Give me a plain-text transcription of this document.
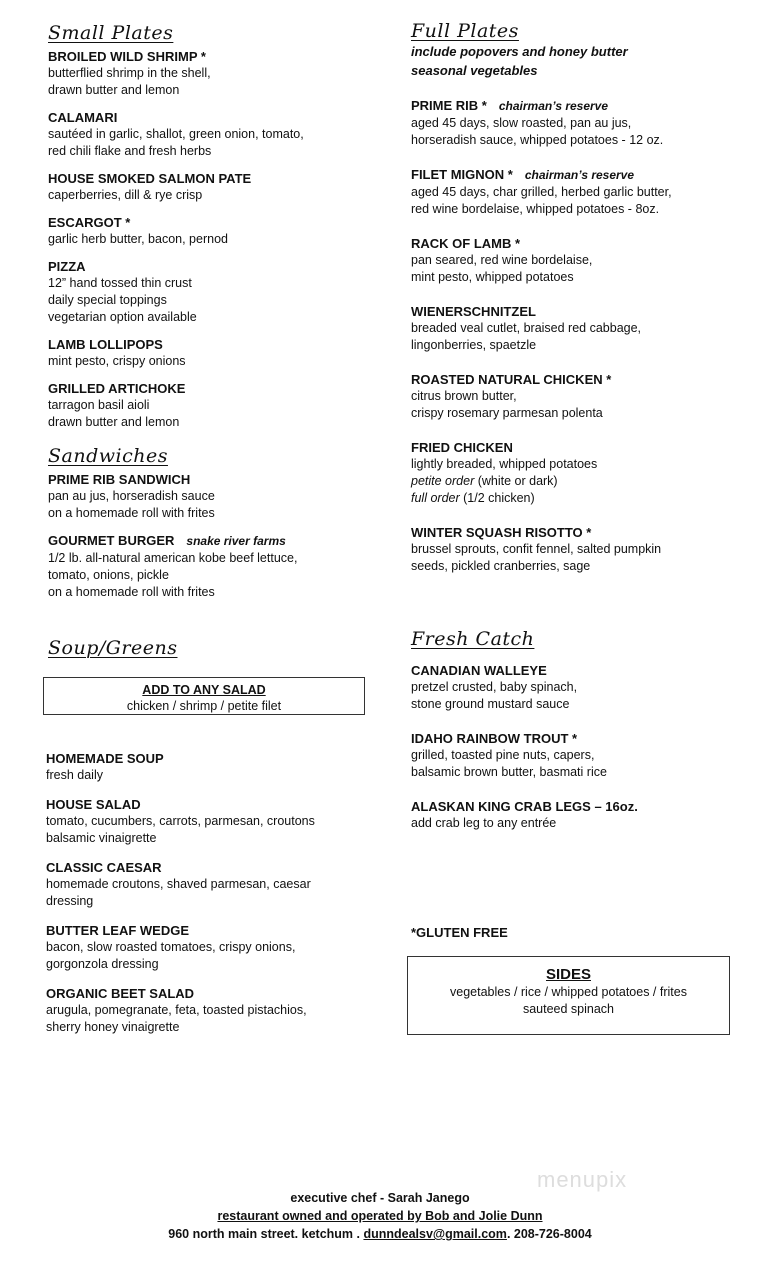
Small Plates
BROILED WILD SHRIMP *
butterflied shrimp in the shell,
drawn butter and lemon
CALAMARI
sautéed in garlic, shallot, green onion, tomato,
red chili flake and fresh herbs
HOUSE SMOKED SALMON PATE
caperberries, dill & rye crisp
ESCARGOT *
garlic herb butter, bacon, pernod
PIZZA
12” hand tossed thin crust
daily special toppings
vegetarian option available
LAMB LOLLIPOPS
mint pesto, crispy onions
GRILLED ARTICHOKE
tarragon basil aioli
drawn butter and lemon
Sandwiches
PRIME RIB SANDWICH
pan au jus, horseradish sauce
on a homemade roll with frites
GOURMET BURGER snake river farms
1/2 lb. all-natural american kobe beef lettuce,
tomato, onions, pickle
on a homemade roll with frites
Soup/Greens
ADD TO ANY SALAD
chicken / shrimp / petite filet
HOMEMADE SOUP
fresh daily
HOUSE SALAD
tomato, cucumbers, carrots, parmesan, croutons
balsamic vinaigrette
CLASSIC CAESAR
homemade croutons, shaved parmesan, caesar
dressing
BUTTER LEAF WEDGE
bacon, slow roasted tomatoes, crispy onions,
gorgonzola dressing
ORGANIC BEET SALAD
arugula, pomegranate, feta, toasted pistachios,
sherry honey vinaigrette
Full Plates
include popovers and honey butter
seasonal vegetables
PRIME RIB * chairman’s reserve
aged 45 days, slow roasted, pan au jus,
horseradish sauce, whipped potatoes - 12 oz.
FILET MIGNON * chairman’s reserve
aged 45 days, char grilled, herbed garlic butter,
red wine bordelaise, whipped potatoes - 8oz.
RACK OF LAMB *
pan seared, red wine bordelaise,
mint pesto, whipped potatoes
WIENERSCHNITZEL
breaded veal cutlet, braised red cabbage,
lingonberries, spaetzle
ROASTED NATURAL CHICKEN *
citrus brown butter,
crispy rosemary parmesan polenta
FRIED CHICKEN
lightly breaded, whipped potatoes
petite order (white or dark)
full order (1/2 chicken)
WINTER SQUASH RISOTTO *
brussel sprouts, confit fennel, salted pumpkin
seeds, pickled cranberries, sage
Fresh Catch
CANADIAN WALLEYE
pretzel crusted, baby spinach,
stone ground mustard sauce
IDAHO RAINBOW TROUT *
grilled, toasted pine nuts, capers,
balsamic brown butter, basmati rice
ALASKAN KING CRAB LEGS – 16oz.
add crab leg to any entrée
*GLUTEN FREE
SIDES
vegetables / rice / whipped potatoes / frites
sauteed spinach
menupix
executive chef - Sarah Janego
restaurant owned and operated by Bob and Jolie Dunn
960 north main street. ketchum . dunndealsv@gmail.com. 208-726-8004
